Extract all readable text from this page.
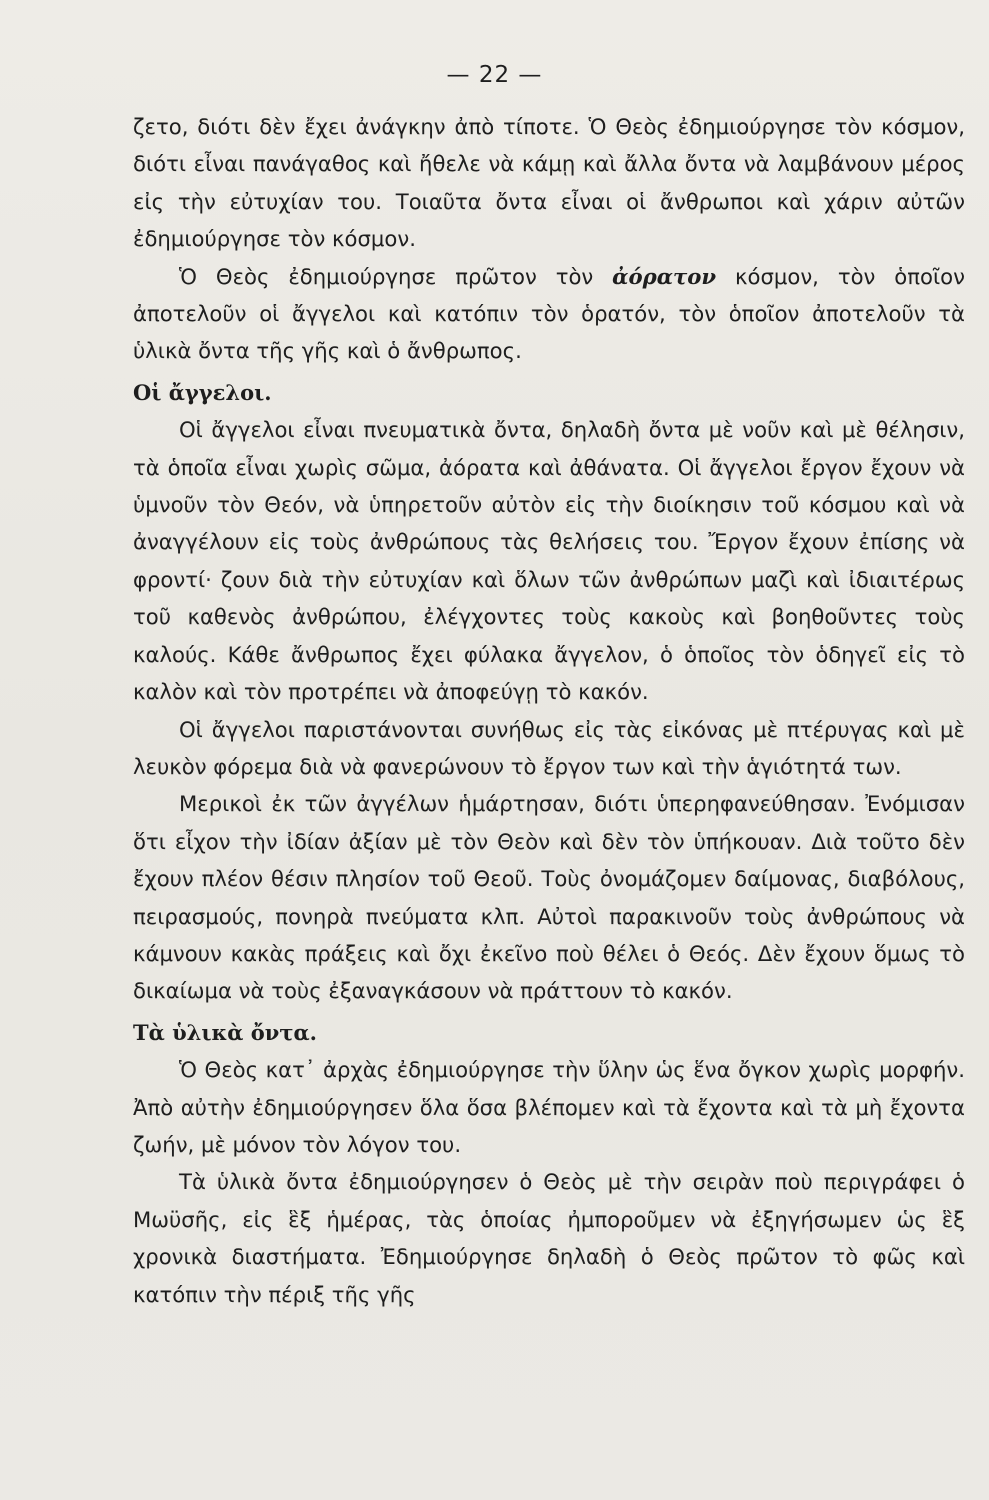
— 22 —

ζετο, διότι δὲν ἔχει ἀνάγκην ἀπὸ τίποτε. Ὁ Θεὸς ἐδημιούργησε τὸν κόσμον, διότι εἶναι πανάγαθος καὶ ἤθελε νὰ κάμῃ καὶ ἄλλα ὄντα νὰ λαμβάνουν μέρος εἰς τὴν εὐτυχίαν του. Τοιαῦτα ὄντα εἶναι οἱ ἄνθρωποι καὶ χάριν αὐτῶν ἐδημιούργησε τὸν κόσμον.

Ὁ Θεὸς ἐδημιούργησε πρῶτον τὸν ἀόρατον κόσμον, τὸν ὁποῖον ἀποτελοῦν οἱ ἄγγελοι καὶ κατόπιν τὸν ὁρατόν, τὸν ὁποῖον ἀποτελοῦν τὰ ὑλικὰ ὄντα τῆς γῆς καὶ ὁ ἄνθρωπος.

Οἱ ἄγγελοι.

Οἱ ἄγγελοι εἶναι πνευματικὰ ὄντα, δηλαδὴ ὄντα μὲ νοῦν καὶ μὲ θέλησιν, τὰ ὁποῖα εἶναι χωρὶς σῶμα, ἀόρατα καὶ ἀθάνατα. Οἱ ἄγγελοι ἔργον ἔχουν νὰ ὑμνοῦν τὸν Θεόν, νὰ ὑπηρετοῦν αὐτὸν εἰς τὴν διοίκησιν τοῦ κόσμου καὶ νὰ ἀναγγέλουν εἰς τοὺς ἀνθρώπους τὰς θελήσεις του. Ἔργον ἔχουν ἐπίσης νὰ φροντί· ζουν διὰ τὴν εὐτυχίαν καὶ ὅλων τῶν ἀνθρώπων μαζὶ καὶ ἰδιαιτέρως τοῦ καθενὸς ἀνθρώπου, ἐλέγχοντες τοὺς κακοὺς καὶ βοηθοῦντες τοὺς καλούς. Κάθε ἄνθρωπος ἔχει φύλακα ἄγγελον, ὁ ὁποῖος τὸν ὁδηγεῖ εἰς τὸ καλὸν καὶ τὸν προτρέπει νὰ ἀποφεύγῃ τὸ κακόν.

Οἱ ἄγγελοι παριστάνονται συνήθως εἰς τὰς εἰκόνας μὲ πτέρυγας καὶ μὲ λευκὸν φόρεμα διὰ νὰ φανερώνουν τὸ ἔργον των καὶ τὴν ἁγιότητά των.

Μερικοὶ ἐκ τῶν ἀγγέλων ἡμάρτησαν, διότι ὑπερηφανεύθησαν. Ἐνόμισαν ὅτι εἶχον τὴν ἰδίαν ἀξίαν μὲ τὸν Θεὸν καὶ δὲν τὸν ὑπήκουαν. Διὰ τοῦτο δὲν ἔχουν πλέον θέσιν πλησίον τοῦ Θεοῦ. Τοὺς ὀνομάζομεν δαίμονας, διαβόλους, πειρασμούς, πονηρὰ πνεύματα κλπ. Αὐτοὶ παρακινοῦν τοὺς ἀνθρώπους νὰ κάμνουν κακὰς πράξεις καὶ ὄχι ἐκεῖνο ποὺ θέλει ὁ Θεός. Δὲν ἔχουν ὅμως τὸ δικαίωμα νὰ τοὺς ἐξαναγκάσουν νὰ πράττουν τὸ κακόν.

Τὰ ὑλικὰ ὄντα.

Ὁ Θεὸς κατ᾽ ἀρχὰς ἐδημιούργησε τὴν ὕλην ὡς ἕνα ὄγκον χωρὶς μορφήν. Ἀπὸ αὐτὴν ἐδημιούργησεν ὅλα ὅσα βλέπομεν καὶ τὰ ἔχοντα καὶ τὰ μὴ ἔχοντα ζωήν, μὲ μόνον τὸν λόγον του.

Τὰ ὑλικὰ ὄντα ἐδημιούργησεν ὁ Θεὸς μὲ τὴν σειρὰν ποὺ περιγράφει ὁ Μωϋσῆς, εἰς ἓξ ἡμέρας, τὰς ὁποίας ἠμποροῦμεν νὰ ἐξηγήσωμεν ὡς ἓξ χρονικὰ διαστήματα. Ἐδημιούργησε δηλαδὴ ὁ Θεὸς πρῶτον τὸ φῶς καὶ κατόπιν τὴν πέριξ τῆς γῆς
